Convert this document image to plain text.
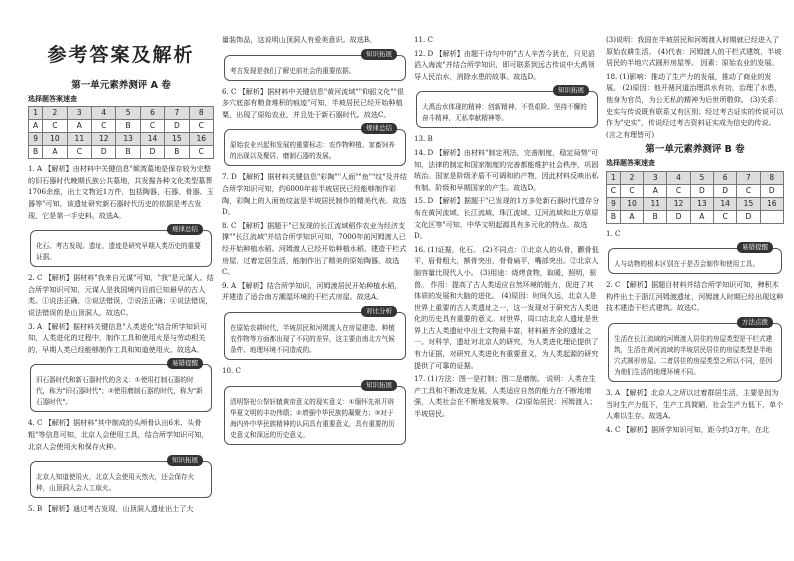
参考答案及解析
第一单元素养测评 A 卷
选择题答案速查
1	2	3	4	5	6	7	8
A	C	A	C	B	C	D	C
9	10	11	12	13	14	15	16
B	A	C	D	B	D	B	C

1. A 【解析】由材料中关键信息"倾湾墓地是保存较为完整的旧石器时代晚期氏族公共墓地，共发掘各种文化类型墓葬1706余座，出土文物近1万件，包括陶器、石器、骨器、玉器等"可知，该遗址研究新石器时代历史的依据是考古发现，它是第一手史料。故选A。

规律总结
化石、考古发现、遗址、遗迹是研究早期人类历史的重要证据。

2. C 【解析】据材料"我来自元谋"可知，"我"是元谋人。结合所学知识可知，元谋人是我国境内目前已知最早的古人类。①说法正确，③说法错误，②说法正确；④说法错误，说法错误的是山顶洞人。故选C。

3. A 【解析】据材料关键信息"人类进化"结合所学知识可知，人类进化的过程中，制作工具和使用火是与劳动相关的，早期人类已经能够制作工具和知道使用火。故选A。

易错提醒
旧石器时代和新石器时代的含义：①使用打制石器的时代，称为"旧石器时代"；②使用磨制石器的时代，称为"新石器时代"。

4. C 【解析】据材料"其中制成的头颅骨认出6米、头骨粗"等信息可知，北京人会使用工具，结合所学知识可知，北京人会使用火和保存火种。

知识拓展
北京人知道使用火，北京人会使用天然火，还会保存火种，山顶洞人会人工取火。

5. B 【解析】通过考古发现，山顶洞人遗址出土了大

量装饰品，这说明山顶洞人有爱美意识。故选B。

知识拓展
考古发现是我们了解史前社会的重要依据。

6. C 【解析】据材料中关键信息"黄河流域""仰韶文化""很多穴底部有粮食堆积的痕迹"可知，半坡居民已经开始种植粟，出现了原始农业，并且处于新石器时代。故选C。

规律总结
原始农业兴起和发展的重要标志：农作物种植、家畜饲养的出现以及聚居、磨制石器的发展。

7. D 【解析】据材料关键信息"彩陶""人面""鱼""纹"及并结合所学知识可知，约6000年前半坡居民已经能够制作彩陶，彩陶上的人面鱼纹盆是半坡居民制作的精美代表。故选D。

8. C 【解析】据题干"已发现的长江流域稻作农业为经济支撑""长江流域"并结合所学知识可知，7000年前河姆渡人已经开始种植水稻。河姆渡人已经开始种植水稻、建造干栏式房屋，过着定居生活，能制作出了精美的原始陶器。故选C。

9. A 【解析】结合所学知识，河姆渡居民开始种植水稻，并建造了适合南方潮湿环境的干栏式房屋。故选A。

对比分析
在原始农耕时代，半坡居民和河姆渡人在房屋建造、种植农作物等方面都出现了不同的差异，这主要由南北方气候条件、地理环境不同造成的。

10. C

知识拓展
清明祭祀公祭轩辕黄帝意义的现实意义：①缅怀先祖开辟华夏文明的丰功伟绩；②增强中华民族的凝聚力；③对于海内外中华民族精神的认同具有重要意义，具有重要的历史意义和深远的历史意义。

11. C

12. D 【解析】由题干诗句中的"古人辛苦今犹在，只见滔滔入海流"并结合所学知识，即可联系到远古传说中大禹领导人民治水，消除水患的故事。故选D。

知识拓展
大禹治水体现的精神：创新精神、不畏艰险、坚持不懈的奋斗精神，无私奉献精神等。

13. B

14. D 【解析】由材料"制定刑法，完善制度，稳定局势"可知，法律的制定和国家制度的完善都能维护社会秩序，巩固统治。国家是阶级矛盾不可调和的产物，因此材料反映出私有制、阶级和早期国家的产生。故选D。

15. D 【解析】据题干"已发现的1万多处新石器时代遗存分布在黄河流域、长江流域、珠江流域、辽河流域和北方草原文化区等"可知，中华文明起源具有多元化的特点。故选D。

16. (1)证据，化石。 (2)不同点：①北京人的头骨，颧骨低平，眉骨粗大，额骨突出，骨骨扁平，嘴部突出。②北京人脑容量比现代人小。 (3)用途：烧烤食物，取暖，照明，驱兽。 作用：提高了古人类适应自然环境的能力，促进了其体质的发展和大脑的进化。 (4)原因：时间久远，北京人是世界上重要的古人类遗址之一，这一发现对于研究古人类进化的历史具有重要的意义。对世界，周口店北京人遗址是世界上古人类遗址中出土文物最丰富，材料最齐全的遗址之一。对科学，遗址对北京人的研究，为人类进化理论提供了有力证据，对研究人类进化有重要意义，为人类起源的研究提供了可靠的证据。

17. (1)方法：图一是打制；图二是磨制。 说明：人类在生产工具和不断改进发展，人类适应自然的能力在不断地增强，人类社会在不断地发展等。 (2)原始居民：河姆渡人；半坡居民。

(3)说明：我国在半坡居民和河姆渡人时期就已经进入了原始农耕生活。 (4)代表：河姆渡人的干栏式建筑，半坡居民的半地穴式圆形房屋等。 因素：原始农业的发展。

18. (1)影响：推动了生产力的发展，推动了商业的发展。 (2)原因：他开凿河道治理洪水有功，治理了水患，他身为官员，为公无私的精神为后世所敬仰。 (3)关系：史实与传说既有联系又有区别；经过考古证实的传说可以作为"史实"，传说经过考古资料证实成为信史的传说。(言之有理皆可)

第一单元素养测评 B 卷
选择题答案速查
1	2	3	4	5	6	7	8
C	C	A	C	D	D	C	D
9	10	11	12	13	14	15	16
B	A	B	D	A	C	D	

1. C

易错提醒
人与动物的根本区别在于是否会制作和使用工具。

2. C 【解析】据题目材料并结合所学知识可知，稗积木构件出土于浙江河姆渡遗址，河姆渡人时期已经出现这种技术建造干栏式建筑。故选C。

方法点拨
生活在长江流域的河姆渡人居住的房屋类型是干栏式建筑，生活在黄河流域的半坡居民居住的房屋类型是半地穴式圆形房屋。二者居住的房屋类型之所以不同，是因为他们生活的地理环境不同。

3. A 【解析】北京人之所以过着群居生活，主要是因为当时生产力低下，生产工具简陋，社会生产力低下，单个人难以生存。故选A。

4. C 【解析】据所学知识可知，距今约3万年，在北
